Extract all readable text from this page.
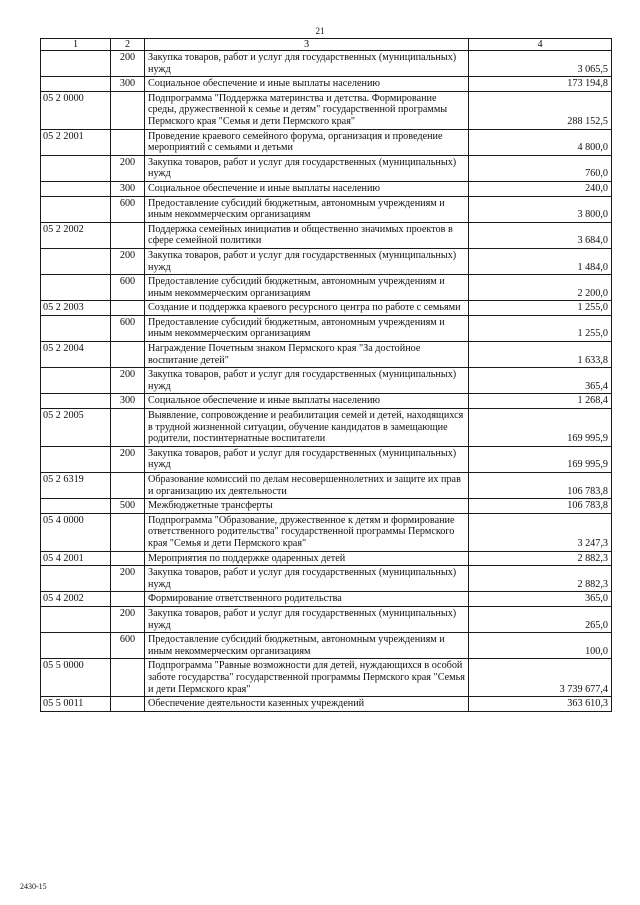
21
1	2	3	4
	200	Закупка товаров, работ и услуг для государственных (муниципальных) нужд	3 065,5
	300	Социальное обеспечение и иные выплаты населению	173 194,8
05 2 0000		Подпрограмма "Поддержка материнства и детства. Формирование среды, дружественной к семье и детям" государственной программы Пермского края "Семья и дети Пермского края"	288 152,5
05 2 2001		Проведение краевого семейного форума, организация и проведение мероприятий с семьями и детьми	4 800,0
	200	Закупка товаров, работ и услуг для государственных (муниципальных) нужд	760,0
	300	Социальное обеспечение и иные выплаты населению	240,0
	600	Предоставление субсидий бюджетным, автономным учреждениям и иным некоммерческим организациям	3 800,0
05 2 2002		Поддержка семейных инициатив и общественно значимых проектов в сфере семейной политики	3 684,0
	200	Закупка товаров, работ и услуг для государственных (муниципальных) нужд	1 484,0
	600	Предоставление субсидий бюджетным, автономным учреждениям и иным некоммерческим организациям	2 200,0
05 2 2003		Создание и поддержка краевого ресурсного центра по работе с семьями	1 255,0
	600	Предоставление субсидий бюджетным, автономным учреждениям и иным некоммерческим организациям	1 255,0
05 2 2004		Награждение Почетным знаком Пермского края "За достойное воспитание детей"	1 633,8
	200	Закупка товаров, работ и услуг для государственных (муниципальных) нужд	365,4
	300	Социальное обеспечение и иные выплаты населению	1 268,4
05 2 2005		Выявление, сопровождение и реабилитация семей и детей, находящихся в трудной жизненной ситуации, обучение кандидатов в замещающие родители, постинтернатные воспитатели	169 995,9
	200	Закупка товаров, работ и услуг для государственных (муниципальных) нужд	169 995,9
05 2 6319		Образование комиссий по делам несовершеннолетних и защите их прав и организацию их деятельности	106 783,8
	500	Межбюджетные трансферты	106 783,8
05 4 0000		Подпрограмма "Образование, дружественное к детям и формирование ответственного родительства" государственной программы Пермского края "Семья и дети Пермского края"	3 247,3
05 4 2001		Мероприятия по поддержке одаренных детей	2 882,3
	200	Закупка товаров, работ и услуг для государственных (муниципальных) нужд	2 882,3
05 4 2002		Формирование ответственного родительства	365,0
	200	Закупка товаров, работ и услуг для государственных (муниципальных) нужд	265,0
	600	Предоставление субсидий бюджетным, автономным учреждениям и иным некоммерческим организациям	100,0
05 5 0000		Подпрограмма "Равные возможности для детей, нуждающихся в особой заботе государства" государственной программы Пермского края "Семья и дети Пермского края"	3 739 677,4
05 5 0011		Обеспечение деятельности казенных учреждений	363 610,3
2430-15
